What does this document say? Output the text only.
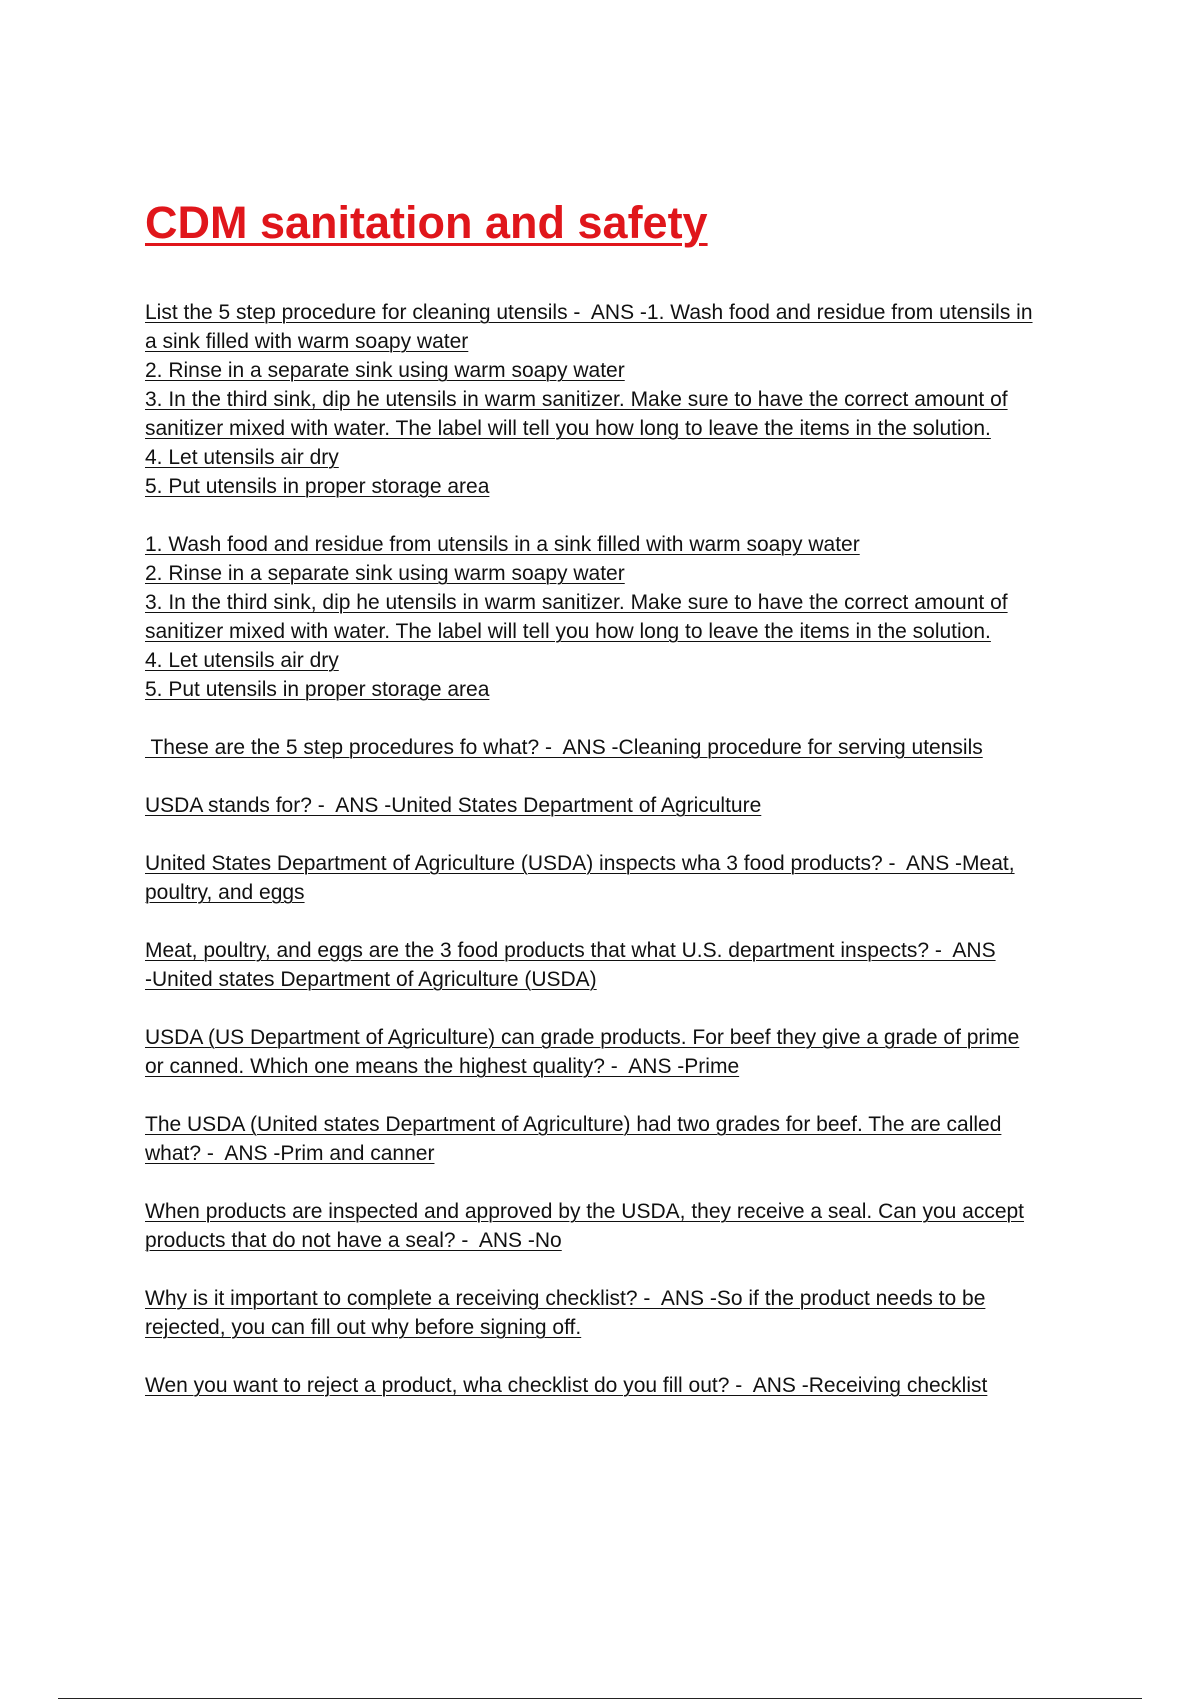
CDM sanitation and safety

List the 5 step procedure for cleaning utensils -  ANS -1. Wash food and residue from utensils in

a sink filled with warm soapy water

2. Rinse in a separate sink using warm soapy water

3. In the third sink, dip he utensils in warm sanitizer. Make sure to have the correct amount of

sanitizer mixed with water. The label will tell you how long to leave the items in the solution.

4. Let utensils air dry

5. Put utensils in proper storage area

1. Wash food and residue from utensils in a sink filled with warm soapy water

2. Rinse in a separate sink using warm soapy water

3. In the third sink, dip he utensils in warm sanitizer. Make sure to have the correct amount of

sanitizer mixed with water. The label will tell you how long to leave the items in the solution.

4. Let utensils air dry

5. Put utensils in proper storage area

These are the 5 step procedures fo what? -  ANS -Cleaning procedure for serving utensils

USDA stands for? -  ANS -United States Department of Agriculture

United States Department of Agriculture (USDA) inspects wha 3 food products? -  ANS -Meat,

poultry, and eggs

Meat, poultry, and eggs are the 3 food products that what U.S. department inspects? -  ANS

-United states Department of Agriculture (USDA)

USDA (US Department of Agriculture) can grade products. For beef they give a grade of prime

or canned. Which one means the highest quality? -  ANS -Prime

The USDA (United states Department of Agriculture) had two grades for beef. The are called

what? -  ANS -Prim and canner

When products are inspected and approved by the USDA, they receive a seal. Can you accept

products that do not have a seal? -  ANS -No

Why is it important to complete a receiving checklist? -  ANS -So if the product needs to be

rejected, you can fill out why before signing off.

Wen you want to reject a product, wha checklist do you fill out? -  ANS -Receiving checklist
